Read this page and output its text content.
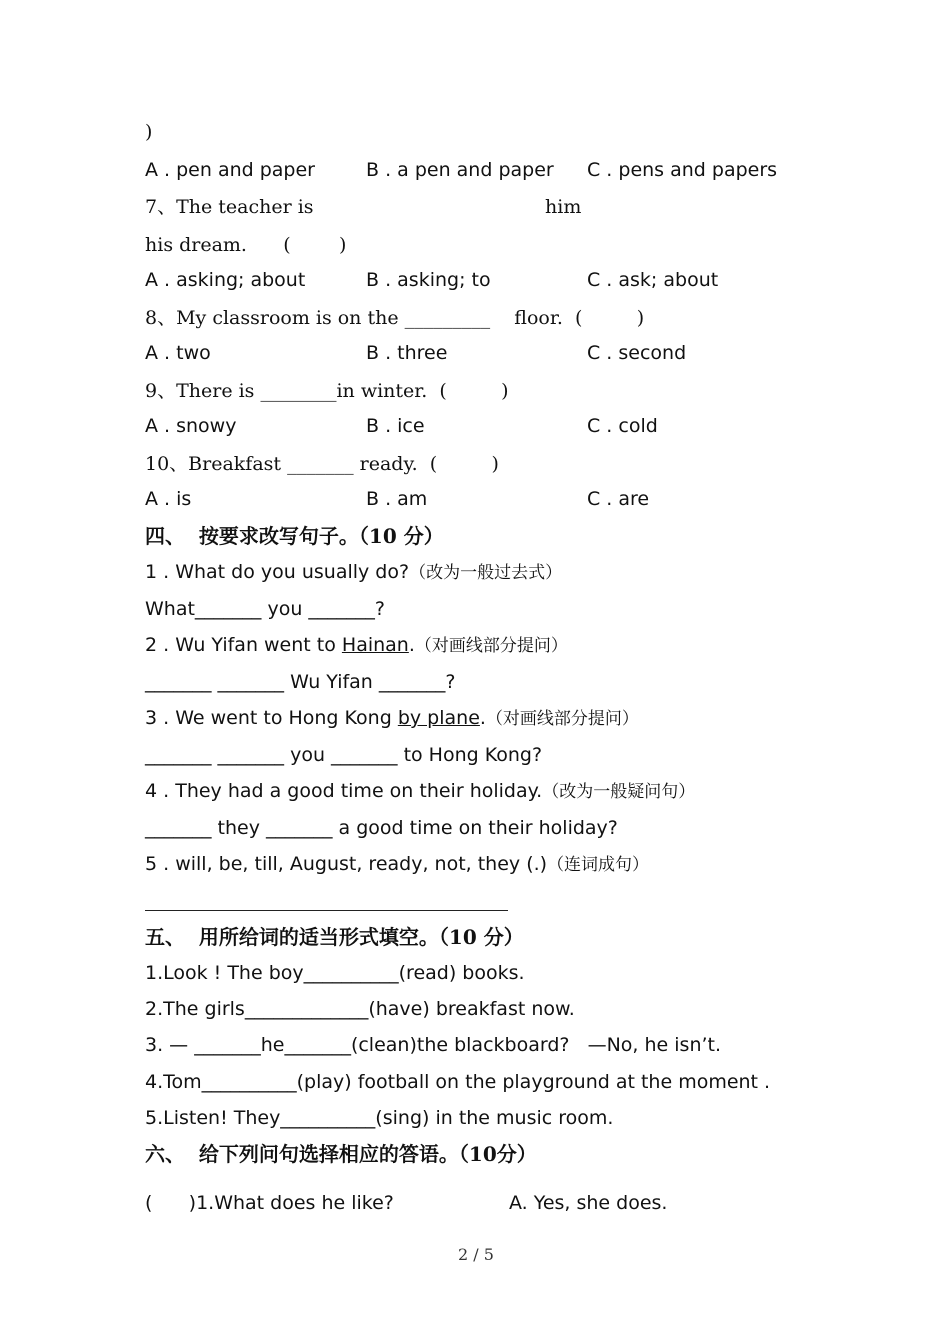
)
A . pen and paper	B . a pen and paper C . pens and papers
7、The teacher is	him
his dream.      (        )
A . asking; about	B . asking; to	C . ask; about
8、My classroom is on the _________    floor.  (         )
A . two	B . three	C . second
9、There is ________in winter.  (         )
A . snowy	B . ice	C . cold
10、Breakfast _______ ready.  (         )
A . is	B . am	C . are
四、  按要求改写句子。（10 分）
1 . What do you usually do?（改为一般过去式）
What_______ you _______?
2 . Wu Yifan went to Hainan.（对画线部分提问）
_______ _______ Wu Yifan _______?
3 . We went to Hong Kong by plane.（对画线部分提问）
_______ _______ you _______ to Hong Kong?
4 . They had a good time on their holiday.（改为一般疑问句）
_______ they _______ a good time on their holiday?
5 . will, be, till, August, ready, not, they (.)（连词成句）
五、  用所给词的适当形式填空。（10 分）
1.Look ! The boy__________(read) books.
2.The girls_____________(have) breakfast now.
3. — _______he_______(clean)the blackboard?   —No, he isn’t.
4.Tom__________(play) football on the playground at the moment .
5.Listen! They__________(sing) in the music room.
六、  给下列问句选择相应的答语。（10分）
(      )1.What does he like?	A. Yes, she does.
2 / 5
